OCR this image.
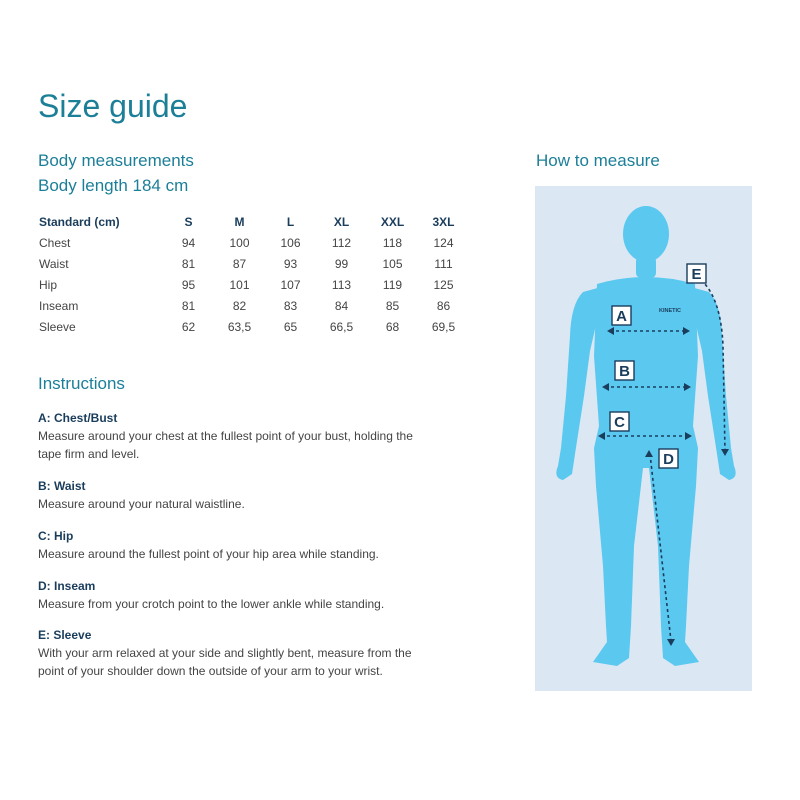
Size guide
Body measurements
Body length 184 cm
Standard (cm)	S	M	L	XL	XXL	3XL
Chest	94	100	106	112	118	124
Waist	81	87	93	99	105	111
Hip	95	101	107	113	119	125
Inseam	81	82	83	84	85	86
Sleeve	62	63,5	65	66,5	68	69,5
Instructions
A: Chest/Bust
Measure around your chest at the fullest point of your bust, holding the tape firm and level.
B: Waist
Measure around your natural waistline.
C: Hip
Measure around the fullest point of your hip area while standing.
D: Inseam
Measure from your crotch point to the lower ankle while standing.
E: Sleeve
With your arm relaxed at your side and slightly bent, measure from the point of your shoulder down the outside of your arm to your wrist.
How to measure
A
B
C
D
E
KINETIC
